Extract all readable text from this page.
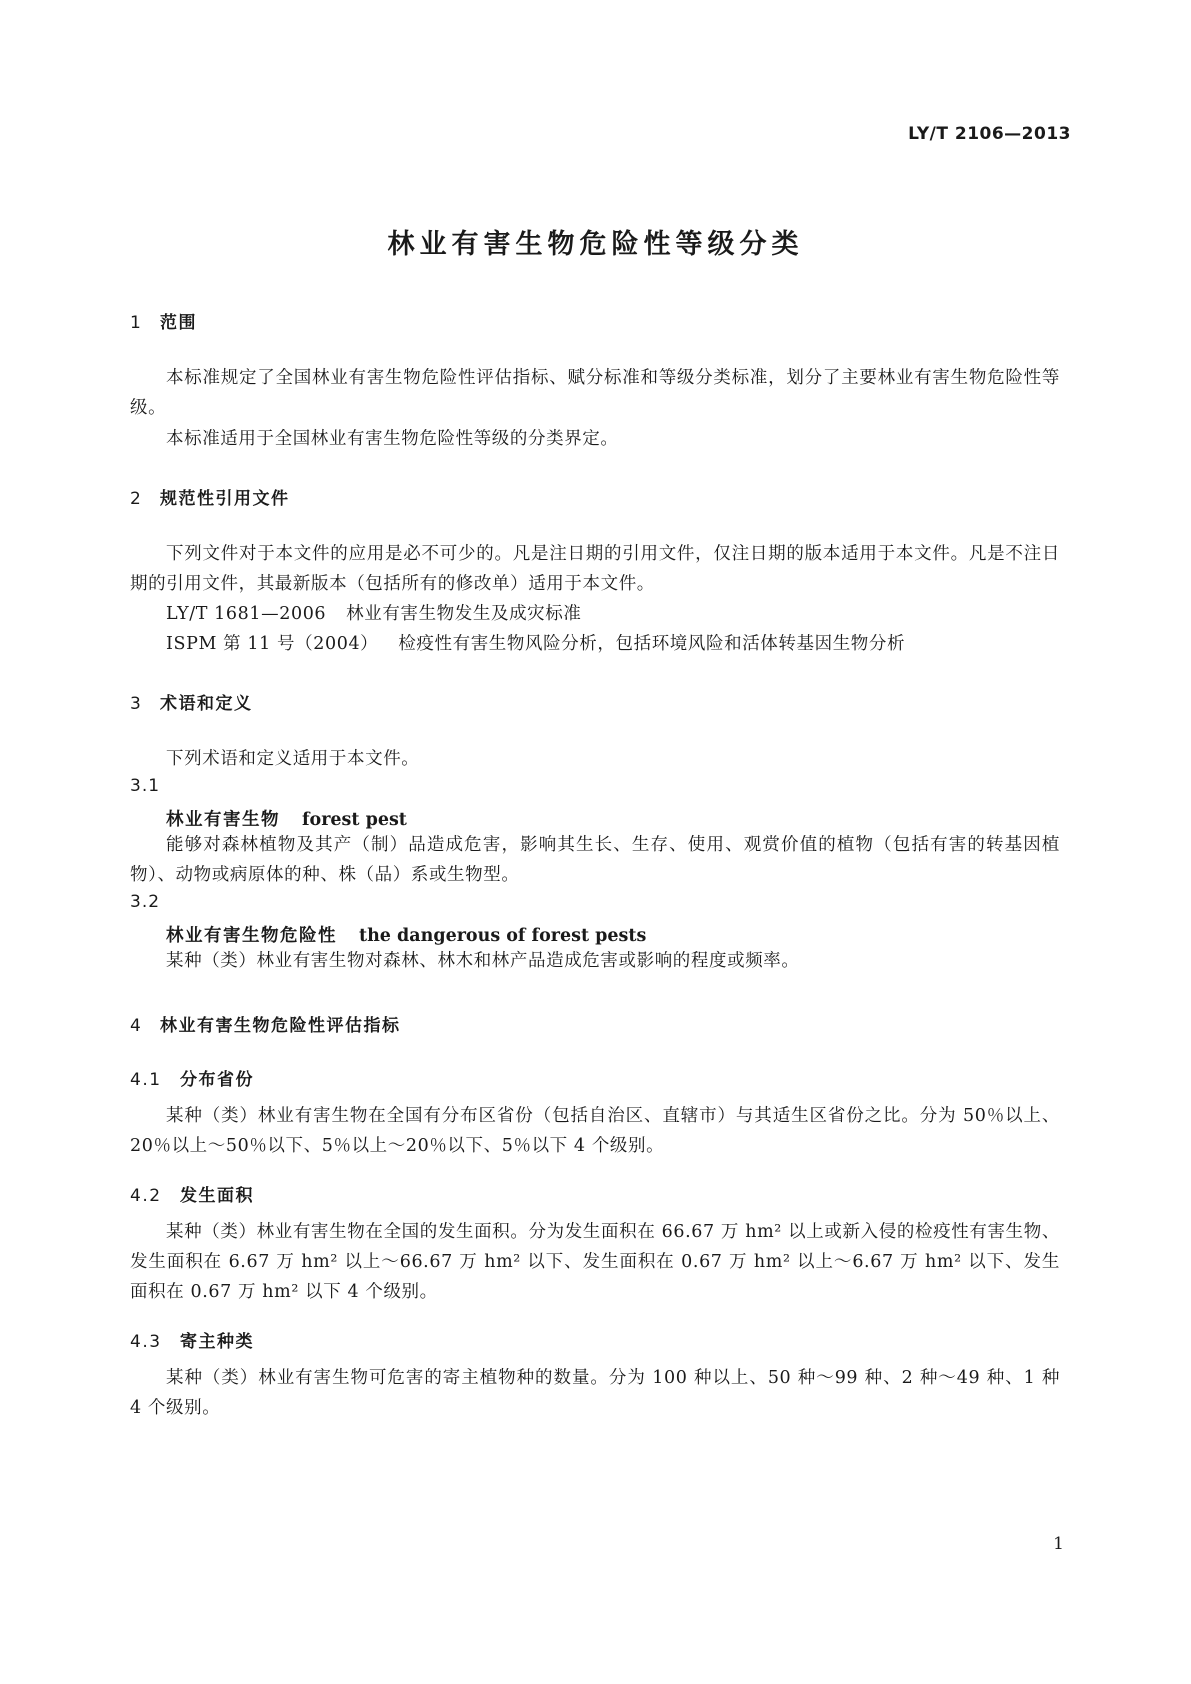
LY/T 2106—2013
林业有害生物危险性等级分类
1 范围
本标准规定了全国林业有害生物危险性评估指标、赋分标准和等级分类标准，划分了主要林业有害生物危险性等级。
本标准适用于全国林业有害生物危险性等级的分类界定。
2 规范性引用文件
下列文件对于本文件的应用是必不可少的。凡是注日期的引用文件，仅注日期的版本适用于本文件。凡是不注日期的引用文件，其最新版本（包括所有的修改单）适用于本文件。
LY/T 1681—2006 林业有害生物发生及成灾标准
ISPM 第 11 号（2004） 检疫性有害生物风险分析，包括环境风险和活体转基因生物分析
3 术语和定义
下列术语和定义适用于本文件。
3.1
林业有害生物 forest pest
能够对森林植物及其产（制）品造成危害，影响其生长、生存、使用、观赏价值的植物（包括有害的转基因植物）、动物或病原体的种、株（品）系或生物型。
3.2
林业有害生物危险性 the dangerous of forest pests
某种（类）林业有害生物对森林、林木和林产品造成危害或影响的程度或频率。
4 林业有害生物危险性评估指标
4.1 分布省份
某种（类）林业有害生物在全国有分布区省份（包括自治区、直辖市）与其适生区省份之比。分为 50％以上、20％以上～50％以下、5％以上～20％以下、5％以下 4 个级别。
4.2 发生面积
某种（类）林业有害生物在全国的发生面积。分为发生面积在 66.67 万 hm² 以上或新入侵的检疫性有害生物、发生面积在 6.67 万 hm² 以上～66.67 万 hm² 以下、发生面积在 0.67 万 hm² 以上～6.67 万 hm² 以下、发生面积在 0.67 万 hm² 以下 4 个级别。
4.3 寄主种类
某种（类）林业有害生物可危害的寄主植物种的数量。分为 100 种以上、50 种～99 种、2 种～49 种、1 种 4 个级别。
1
